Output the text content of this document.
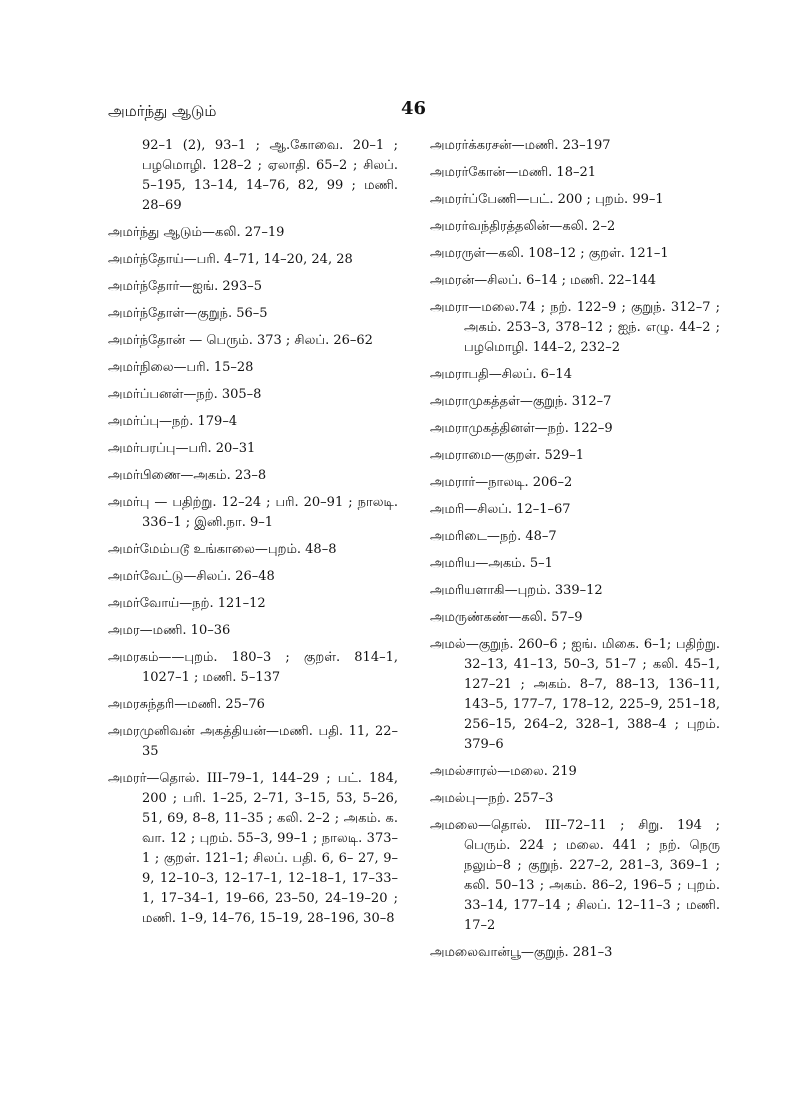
அமர்ந்து ஆடும்	46
92–1 (2), 93–1 ; ஆ.கோவை. 20–1 ; பழமொழி. 128–2 ; ஏலாதி. 65–2 ; சிலப். 5–195, 13–14, 14–76, 82, 99 ; மணி. 28–69
அமர்ந்து ஆடும்—கலி. 27–19
அமர்ந்தோய்—பரி. 4–71, 14–20, 24, 28
அமர்ந்தோர்—ஐங். 293–5
அமர்ந்தோள்—குறுந். 56–5
அமர்ந்தோன் — பெரும். 373 ; சிலப். 26–62
அமர்நிலை—பரி. 15–28
அமர்ப்பனள்—நற். 305–8
அமர்ப்பு—நற். 179–4
அமர்பரப்பு—பரி. 20–31
அமர்பிணை—அகம். 23–8
அமர்பு — பதிற்று. 12–24 ; பரி. 20–91 ; நாலடி. 336–1 ; இனி.நா. 9–1
அமர்மேம்படூ உங்காலை—புறம். 48–8
அமர்வேட்டு—சிலப். 26–48
அமர்வோய்—நற். 121–12
அமர—மணி. 10–36
அமரகம்——புறம். 180–3 ; குறள். 814–1, 1027–1 ; மணி. 5–137
அமரசுந்தரி—மணி. 25–76
அமரமுனிவன் அகத்தியன்—மணி. பதி. 11, 22–35
அமரர்—தொல். III–79–1, 144–29 ; பட். 184, 200 ; பரி. 1–25, 2–71, 3–15, 53, 5–26, 51, 69, 8–8, 11–35 ; கலி. 2–2 ; அகம். க. வா. 12 ; புறம். 55–3, 99–1 ; நாலடி. 373–1 ; குறள். 121–1; சிலப். பதி. 6, 6– 27, 9–9, 12–10–3, 12–17–1, 12–18–1, 17–33–1, 17–34–1, 19–66, 23–50, 24–19–20 ; மணி. 1–9, 14–76, 15–19, 28–196, 30–8
அமரர்க்கரசன்—மணி. 23–197
அமரர்கோன்—மணி. 18–21
அமரர்ப்பேணி—பட். 200 ; புறம். 99–1
அமரர்வந்திரத்தலின்—கலி. 2–2
அமரருள்—கலி. 108–12 ; குறள். 121–1
அமரன்—சிலப். 6–14 ; மணி. 22–144
அமரா—மலை.74 ; நற். 122–9 ; குறுந். 312–7 ; அகம். 253–3, 378–12 ; ஐந். எழு. 44–2 ; பழமொழி. 144–2, 232–2
அமராபதி—சிலப். 6–14
அமராமுகத்தள்—குறுந். 312–7
அமராமுகத்தினள்—நற். 122–9
அமராமை—குறள். 529–1
அமரார்—நாலடி. 206–2
அமரி—சிலப். 12–1–67
அமரிடை—நற். 48–7
அமரிய—அகம். 5–1
அமரியளாகி—புறம். 339–12
அமருண்கண்—கலி. 57–9
அமல்—குறுந். 260–6 ; ஐங். மிகை. 6–1; பதிற்று. 32–13, 41–13, 50–3, 51–7 ; கலி. 45–1, 127–21 ; அகம். 8–7, 88–13, 136–11, 143–5, 177–7, 178–12, 225–9, 251–18, 256–15, 264–2, 328–1, 388–4 ; புறம். 379–6
அமல்சாரல்—மலை. 219
அமல்பு—நற். 257–3
அமலை—தொல். III–72–11 ; சிறு. 194 ; பெரும். 224 ; மலை. 441 ; நற். நெரு நலும்–8 ; குறுந். 227–2, 281–3, 369–1 ; கலி. 50–13 ; அகம். 86–2, 196–5 ; புறம். 33–14, 177–14 ; சிலப். 12–11–3 ; மணி. 17–2
அமலைவான்பூ—குறுந். 281–3
